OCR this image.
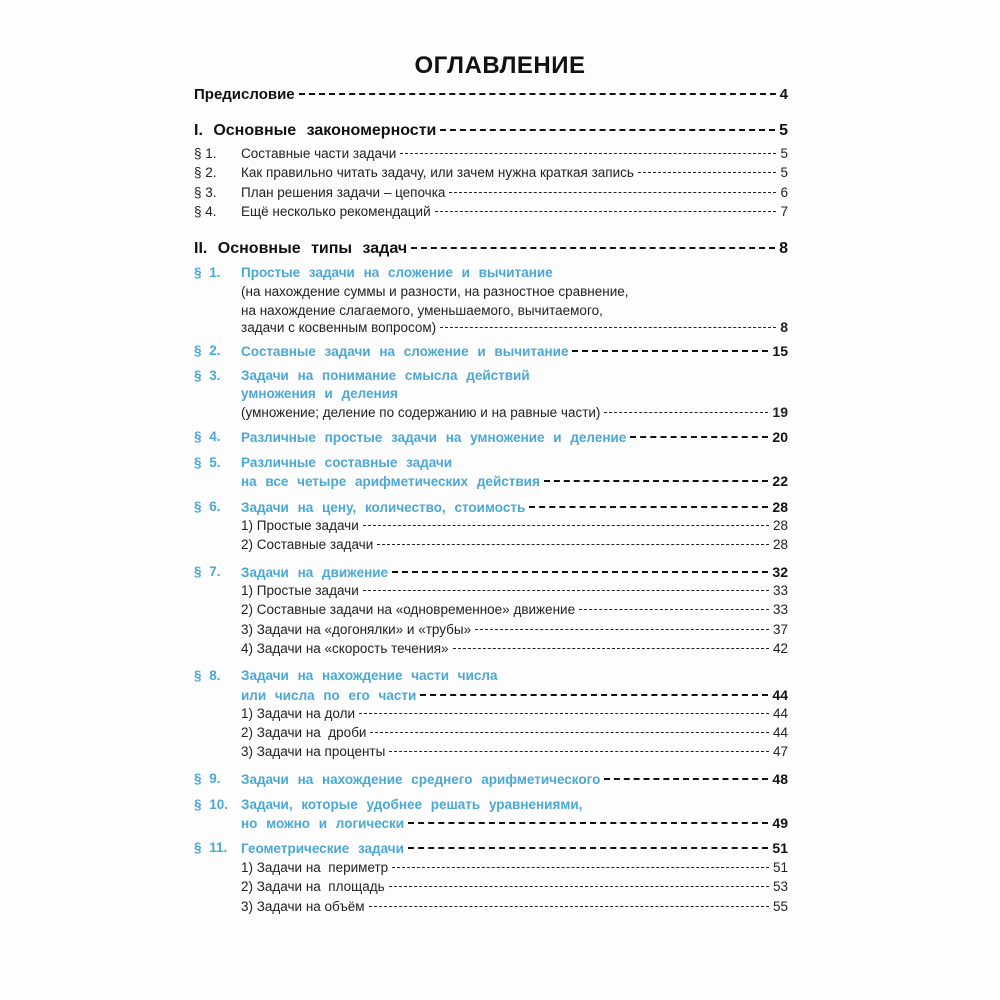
ОГЛАВЛЕНИЕ
Предисловие	4
I. Основные закономерности	5
§ 1. Составные части задачи	5
§ 2. Как правильно читать задачу, или зачем нужна краткая запись	5
§ 3. План решения задачи – цепочка	6
§ 4. Ещё несколько рекомендаций	7
II. Основные типы задач	8
§ 1. Простые задачи на сложение и вычитание
(на нахождение суммы и разности, на разностное сравнение,
на нахождение слагаемого, уменьшаемого, вычитаемого,
задачи с косвенным вопросом)	8
§ 2. Составные задачи на сложение и вычитание	15
§ 3. Задачи на понимание смысла действий
умножения и деления
(умножение; деление по содержанию и на равные части)	19
§ 4. Различные простые задачи на умножение и деление	20
§ 5. Различные составные задачи
на все четыре арифметических действия	22
§ 6. Задачи на цену, количество, стоимость	28
1) Простые задачи	28
2) Составные задачи	28
§ 7. Задачи на движение	32
1) Простые задачи	33
2) Составные задачи на «одновременное» движение	33
3) Задачи на «догонялки» и «трубы»	37
4) Задачи на «скорость течения»	42
§ 8. Задачи на нахождение части числа
или числа по его части	44
1) Задачи на доли	44
2) Задачи на  дроби	44
3) Задачи на проценты	47
§ 9. Задачи на нахождение среднего арифметического	48
§ 10. Задачи, которые удобнее решать уравнениями,
но можно и логически	49
§ 11. Геометрические задачи	51
1) Задачи на  периметр	51
2) Задачи на  площадь	53
3) Задачи на объём	55
